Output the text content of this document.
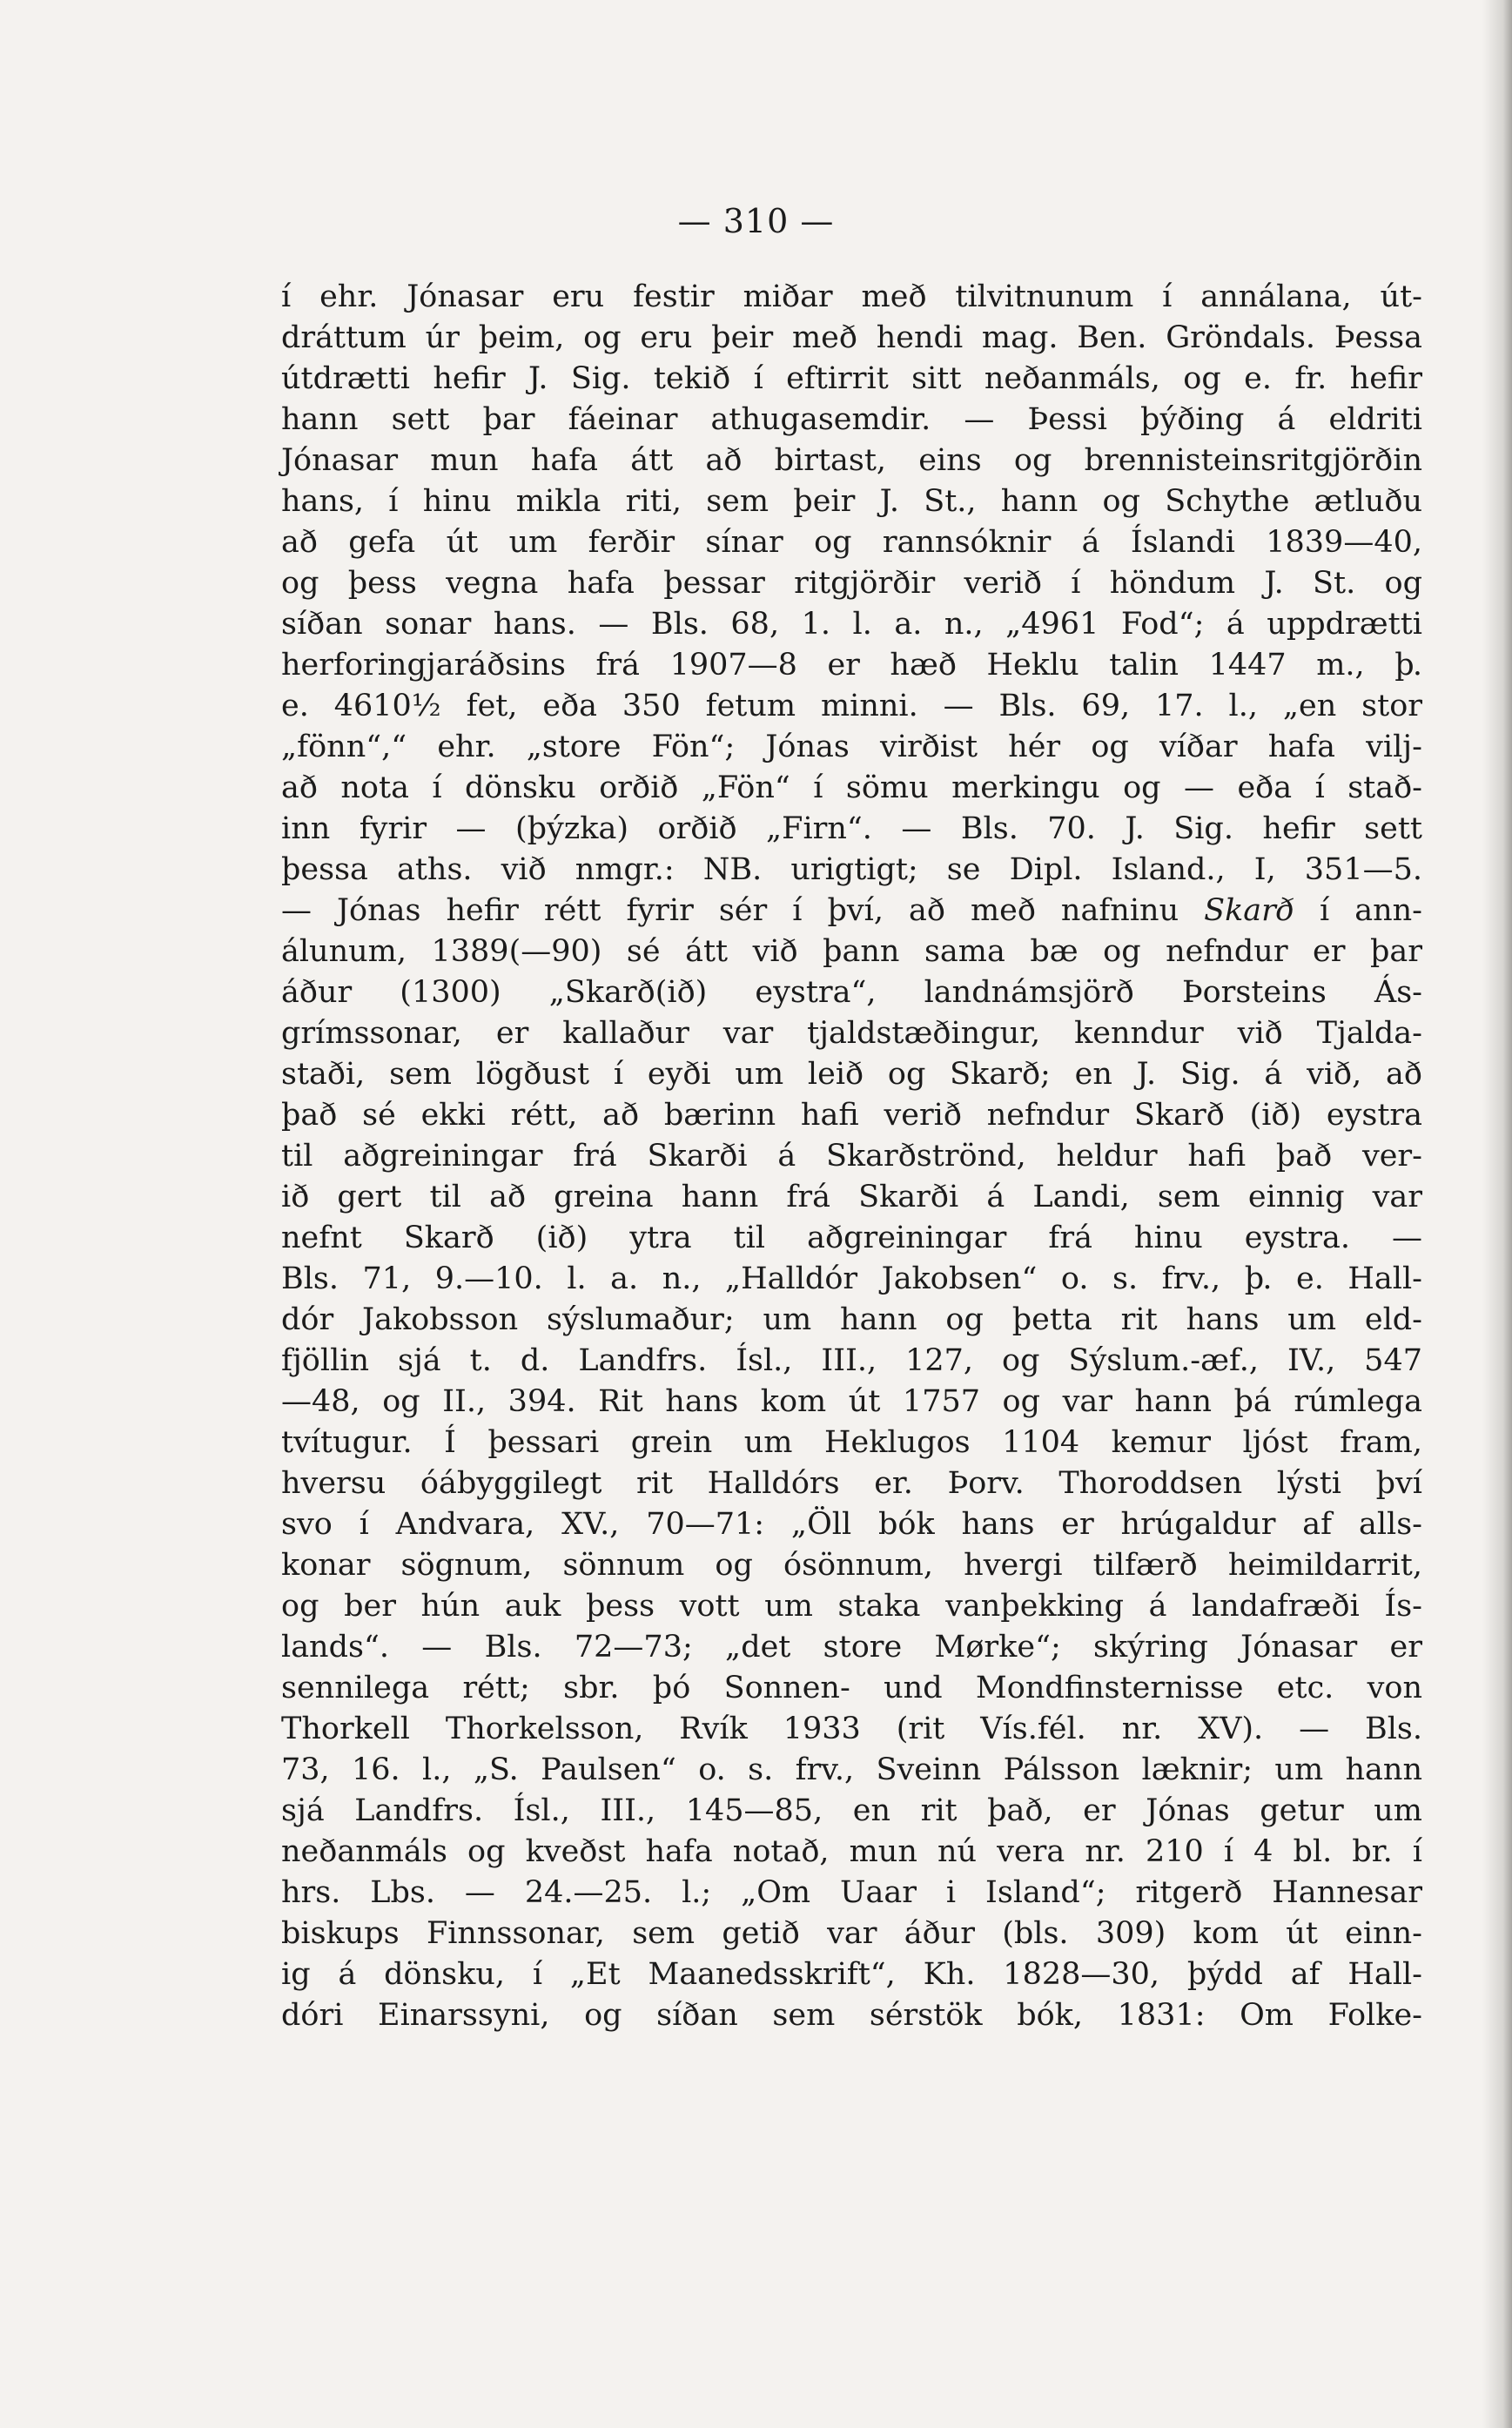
— 310 —
í ehr. Jónasar eru festir miðar með tilvitnunum í annálana, út-
dráttum úr þeim, og eru þeir með hendi mag. Ben. Gröndals. Þessa
útdrætti hefir J. Sig. tekið í eftirrit sitt neðanmáls, og e. fr. hefir
hann sett þar fáeinar athugasemdir. — Þessi þýðing á eldriti
Jónasar mun hafa átt að birtast, eins og brennisteinsritgjörðin
hans, í hinu mikla riti, sem þeir J. St., hann og Schythe ætluðu
að gefa út um ferðir sínar og rannsóknir á Íslandi 1839—40,
og þess vegna hafa þessar ritgjörðir verið í höndum J. St. og
síðan sonar hans. — Bls. 68, 1. l. a. n., „4961 Fod“; á uppdrætti
herforingjaráðsins frá 1907—8 er hæð Heklu talin 1447 m., þ.
e. 4610½ fet, eða 350 fetum minni. — Bls. 69, 17. l., „en stor
„fönn“,“ ehr. „store Fön“; Jónas virðist hér og víðar hafa vilj-
að nota í dönsku orðið „Fön“ í sömu merkingu og — eða í stað-
inn fyrir — (þýzka) orðið „Firn“. — Bls. 70. J. Sig. hefir sett
þessa aths. við nmgr.: NB. urigtigt; se Dipl. Island., I, 351—5.
— Jónas hefir rétt fyrir sér í því, að með nafninu Skarð í ann-
álunum, 1389(—90) sé átt við þann sama bæ og nefndur er þar
áður (1300) „Skarð(ið) eystra“, landnámsjörð Þorsteins Ás-
grímssonar, er kallaður var tjaldstæðingur, kenndur við Tjalda-
staði, sem lögðust í eyði um leið og Skarð; en J. Sig. á við, að
það sé ekki rétt, að bærinn hafi verið nefndur Skarð (ið) eystra
til aðgreiningar frá Skarði á Skarðströnd, heldur hafi það ver-
ið gert til að greina hann frá Skarði á Landi, sem einnig var
nefnt Skarð (ið) ytra til aðgreiningar frá hinu eystra. —
Bls. 71, 9.—10. l. a. n., „Halldór Jakobsen“ o. s. frv., þ. e. Hall-
dór Jakobsson sýslumaður; um hann og þetta rit hans um eld-
fjöllin sjá t. d. Landfrs. Ísl., III., 127, og Sýslum.-æf., IV., 547
—48, og II., 394. Rit hans kom út 1757 og var hann þá rúmlega
tvítugur. Í þessari grein um Heklugos 1104 kemur ljóst fram,
hversu óábyggilegt rit Halldórs er. Þorv. Thoroddsen lýsti því
svo í Andvara, XV., 70—71: „Öll bók hans er hrúgaldur af alls-
konar sögnum, sönnum og ósönnum, hvergi tilfærð heimildarrit,
og ber hún auk þess vott um staka vanþekking á landafræði Ís-
lands“. — Bls. 72—73; „det store Mørke“; skýring Jónasar er
sennilega rétt; sbr. þó Sonnen- und Mondfinsternisse etc. von
Thorkell Thorkelsson, Rvík 1933 (rit Vís.fél. nr. XV). — Bls.
73, 16. l., „S. Paulsen“ o. s. frv., Sveinn Pálsson læknir; um hann
sjá Landfrs. Ísl., III., 145—85, en rit það, er Jónas getur um
neðanmáls og kveðst hafa notað, mun nú vera nr. 210 í 4 bl. br. í
hrs. Lbs. — 24.—25. l.; „Om Uaar i Island“; ritgerð Hannesar
biskups Finnssonar, sem getið var áður (bls. 309) kom út einn-
ig á dönsku, í „Et Maanedsskrift“, Kh. 1828—30, þýdd af Hall-
dóri Einarssyni, og síðan sem sérstök bók, 1831: Om Folke-
